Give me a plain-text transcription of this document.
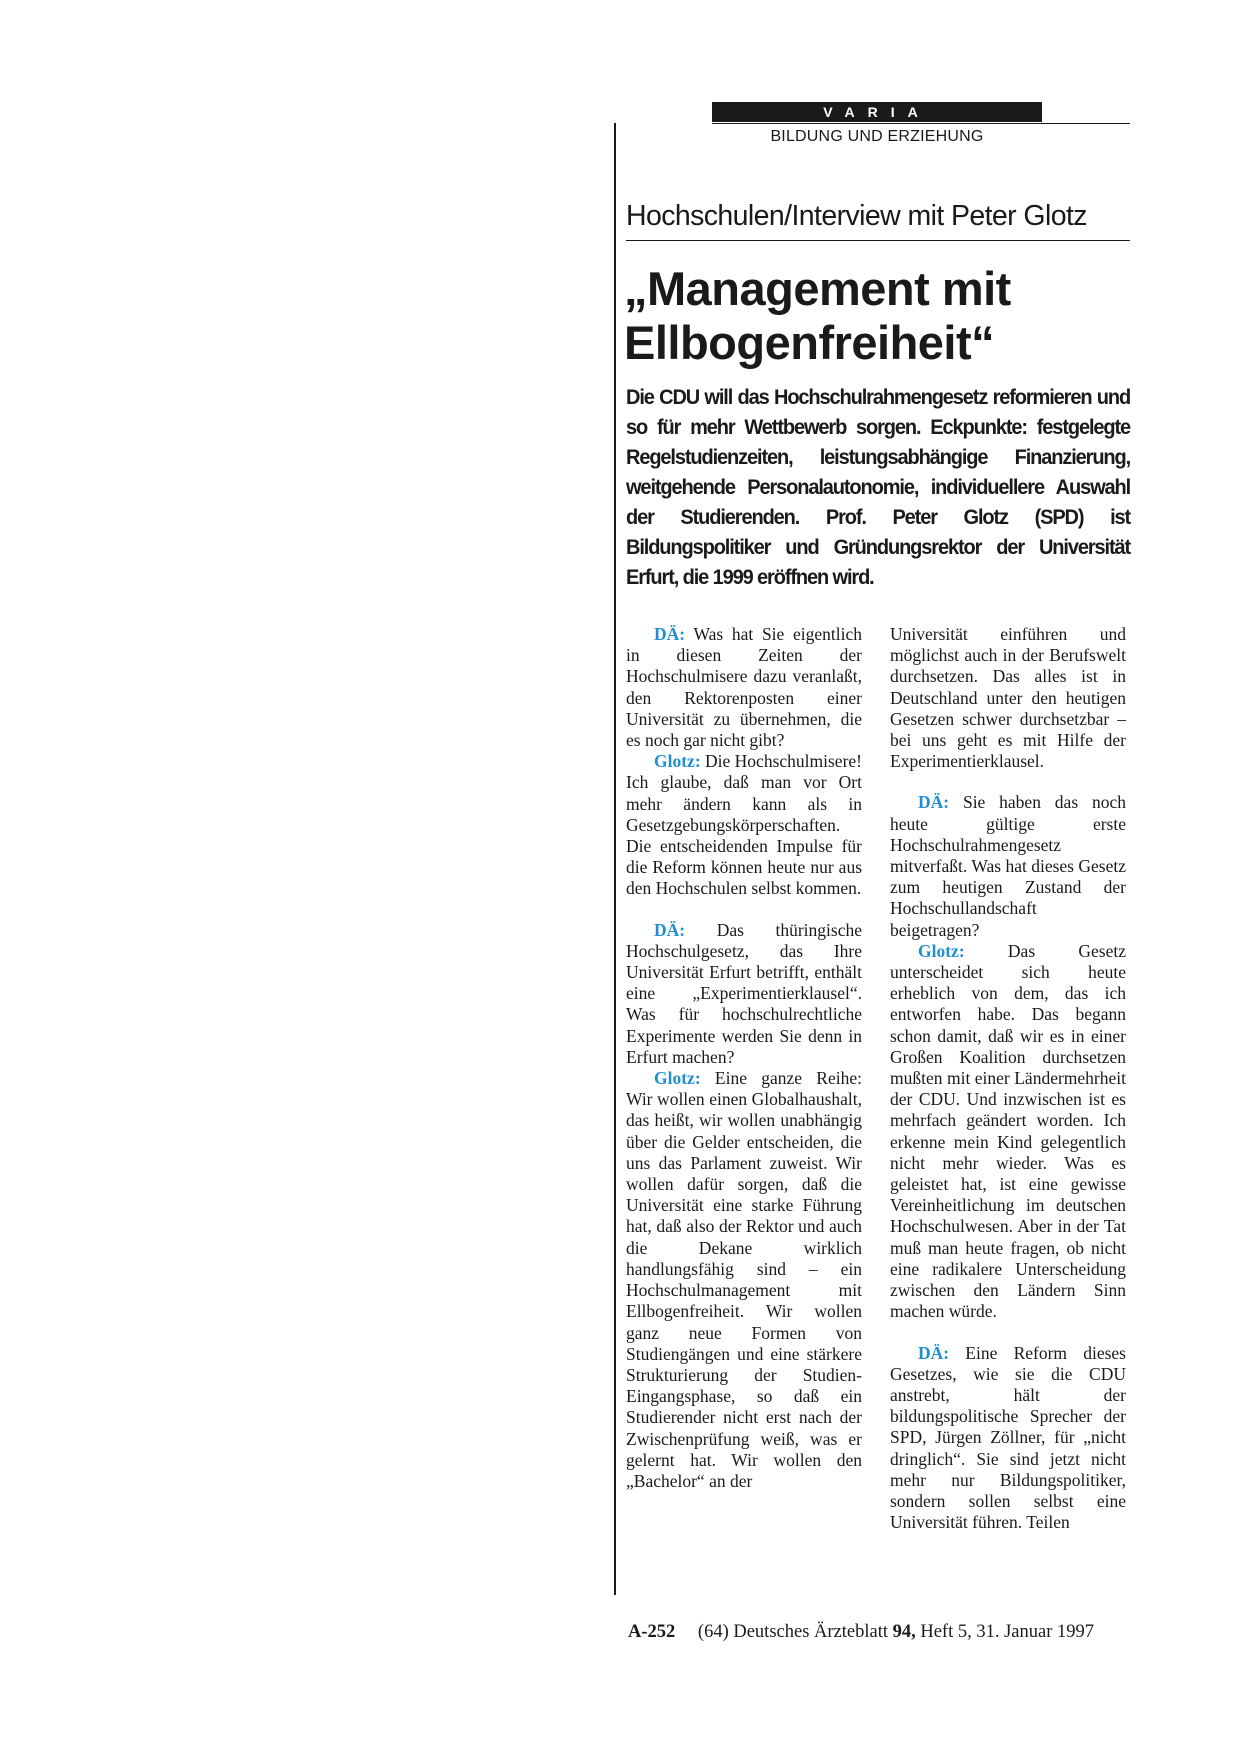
VARIA
BILDUNG UND ERZIEHUNG
Hochschulen/Interview mit Peter Glotz
„Management mit
Ellbogenfreiheit“

Die CDU will das Hochschulrahmengesetz reformieren und so für mehr Wettbewerb sorgen. Eckpunkte: festgelegte Regelstudienzeiten, leistungsabhängige Finanzierung, weitgehende Personalautonomie, individuellere Auswahl der Studierenden. Prof. Peter Glotz (SPD) ist Bildungspolitiker und Gründungsrektor der Universität Erfurt, die 1999 eröffnen wird.

DÄ: Was hat Sie eigentlich in diesen Zeiten der Hochschulmisere dazu veranlaßt, den Rektorenposten einer Universität zu übernehmen, die es noch gar nicht gibt?

Glotz: Die Hochschulmisere! Ich glaube, daß man vor Ort mehr ändern kann als in Gesetzgebungskörperschaften. Die entscheidenden Impulse für die Reform können heute nur aus den Hochschulen selbst kommen.

DÄ: Das thüringische Hochschulgesetz, das Ihre Universität Erfurt betrifft, enthält eine „Experimentierklausel“. Was für hochschulrechtliche Experimente werden Sie denn in Erfurt machen?

Glotz: Eine ganze Reihe: Wir wollen einen Globalhaushalt, das heißt, wir wollen unabhängig über die Gelder entscheiden, die uns das Parlament zuweist. Wir wollen dafür sorgen, daß die Universität eine starke Führung hat, daß also der Rektor und auch die Dekane wirklich handlungsfähig sind – ein Hochschulmanagement mit Ellbogenfreiheit. Wir wollen ganz neue Formen von Studiengängen und eine stärkere Strukturierung der Studien-Eingangsphase, so daß ein Studierender nicht erst nach der Zwischenprüfung weiß, was er gelernt hat. Wir wollen den „Bachelor“ an der

Universität einführen und möglichst auch in der Berufswelt durchsetzen. Das alles ist in Deutschland unter den heutigen Gesetzen schwer durchsetzbar – bei uns geht es mit Hilfe der Experimentierklausel.

DÄ: Sie haben das noch heute gültige erste Hochschulrahmengesetz mitverfaßt. Was hat dieses Gesetz zum heutigen Zustand der Hochschullandschaft beigetragen?

Glotz: Das Gesetz unterscheidet sich heute erheblich von dem, das ich entworfen habe. Das begann schon damit, daß wir es in einer Großen Koalition durchsetzen mußten mit einer Ländermehrheit der CDU. Und inzwischen ist es mehrfach geändert worden. Ich erkenne mein Kind gelegentlich nicht mehr wieder. Was es geleistet hat, ist eine gewisse Vereinheitlichung im deutschen Hochschulwesen. Aber in der Tat muß man heute fragen, ob nicht eine radikalere Unterscheidung zwischen den Ländern Sinn machen würde.

DÄ: Eine Reform dieses Gesetzes, wie sie die CDU anstrebt, hält der bildungspolitische Sprecher der SPD, Jürgen Zöllner, für „nicht dringlich“. Sie sind jetzt nicht mehr nur Bildungspolitiker, sondern sollen selbst eine Universität führen. Teilen

A-252 (64) Deutsches Ärzteblatt 94, Heft 5, 31. Januar 1997
